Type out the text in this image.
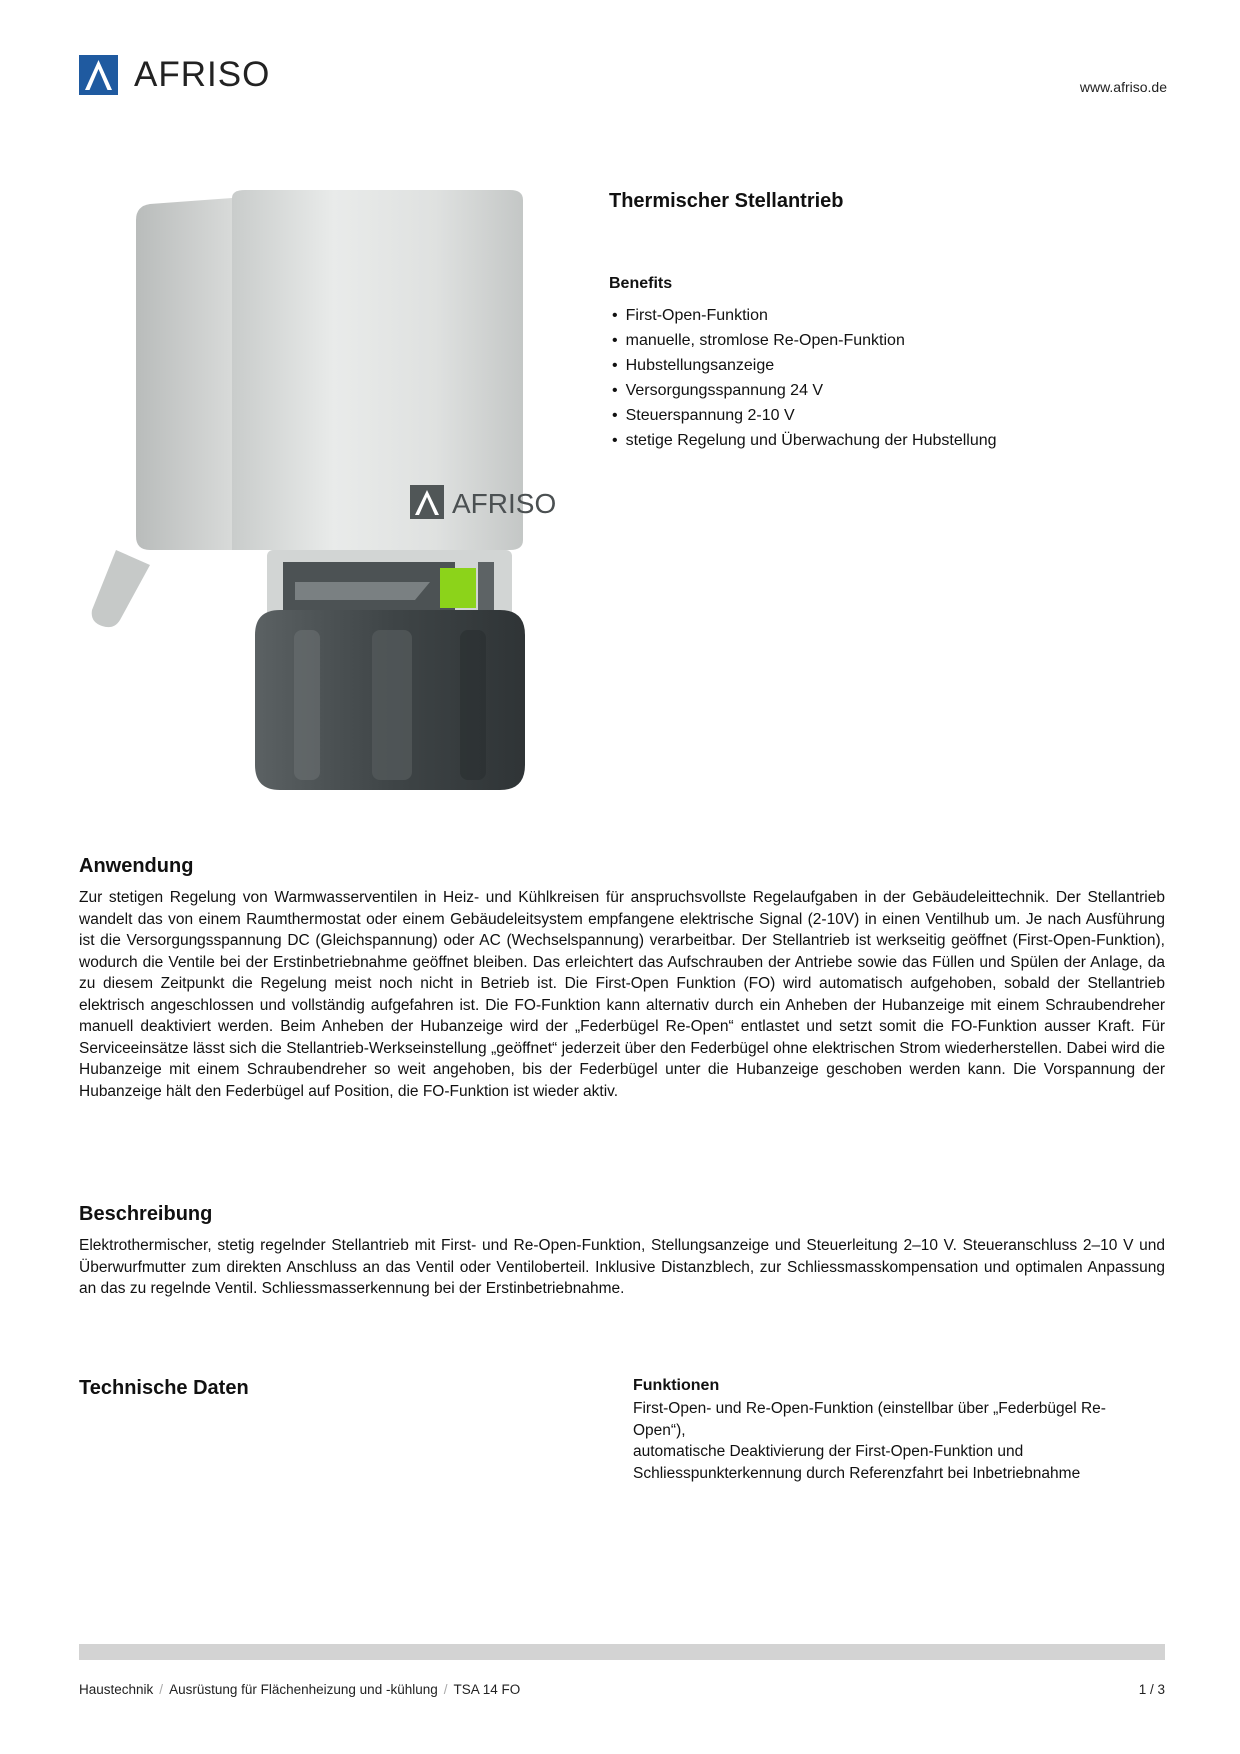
AFRISO	www.afriso.de
AFRISO
Thermischer Stellantrieb
Benefits
• First-Open-Funktion
• manuelle, stromlose Re-Open-Funktion
• Hubstellungsanzeige
• Versorgungsspannung 24 V
• Steuerspannung 2-10 V
• stetige Regelung und Überwachung der Hubstellung
Anwendung

Zur stetigen Regelung von Warmwasserventilen in Heiz- und Kühlkreisen für anspruchsvollste Regelaufgaben in der Gebäudeleittechnik. Der Stellantrieb wandelt das von einem Raumthermostat oder einem Gebäudeleitsystem empfangene elektrische Signal (2-10V) in einen Ventilhub um. Je nach Ausführung ist die Versorgungsspannung DC (Gleichspannung) oder AC (Wechselspannung) verarbeitbar. Der Stellantrieb ist werkseitig geöffnet (First-Open-Funktion), wodurch die Ventile bei der Erstinbetriebnahme geöffnet bleiben. Das erleichtert das Aufschrauben der Antriebe sowie das Füllen und Spülen der Anlage, da zu diesem Zeitpunkt die Regelung meist noch nicht in Betrieb ist. Die First-Open Funktion (FO) wird automatisch aufgehoben, sobald der Stellantrieb elektrisch angeschlossen und vollständig aufgefahren ist. Die FO-Funktion kann alternativ durch ein Anheben der Hubanzeige mit einem Schraubendreher manuell deaktiviert werden. Beim Anheben der Hubanzeige wird der „Federbügel Re-Open“ entlastet und setzt somit die FO-Funktion ausser Kraft. Für Serviceeinsätze lässt sich die Stellantrieb-Werkseinstellung „geöffnet“ jederzeit über den Federbügel ohne elektrischen Strom wiederherstellen. Dabei wird die Hubanzeige mit einem Schraubendreher so weit angehoben, bis der Federbügel unter die Hubanzeige geschoben werden kann. Die Vorspannung der Hubanzeige hält den Federbügel auf Position, die FO-Funktion ist wieder aktiv.

Beschreibung

Elektrothermischer, stetig regelnder Stellantrieb mit First- und Re-Open-Funktion, Stellungsanzeige und Steuerleitung 2–10 V. Steueranschluss 2–10 V und Überwurfmutter zum direkten Anschluss an das Ventil oder Ventiloberteil. Inklusive Distanzblech, zur Schliessmasskompensation und optimalen Anpassung an das zu regelnde Ventil. Schliessmasserkennung bei der Erstinbetriebnahme.

Technische Daten	Funktionen
First-Open- und Re-Open-Funktion (einstellbar über „Federbügel Re-Open“),
automatische Deaktivierung der First-Open-Funktion und Schliesspunkterkennung durch Referenzfahrt bei Inbetriebnahme
Haustechnik / Ausrüstung für Flächenheizung und -kühlung / TSA 14 FO	1 / 3
